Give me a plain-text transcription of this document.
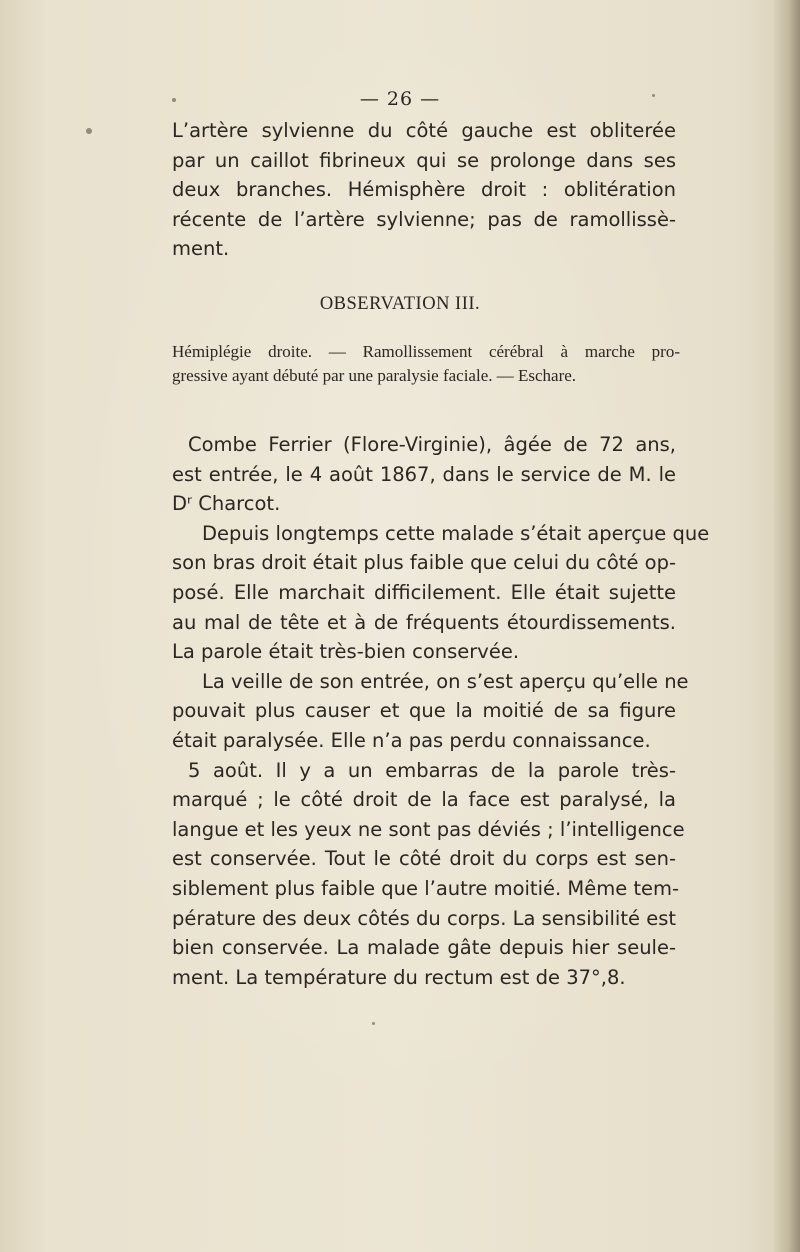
— 26 —
L’artère sylvienne du côté gauche est obliterée
par un caillot fibrineux qui se prolonge dans ses
deux branches. Hémisphère droit : oblitération
récente de l’artère sylvienne; pas de ramollissè-
ment.
OBSERVATION III.
Hémiplégie droite. — Ramollissement cérébral à marche pro-
gressive ayant débuté par une paralysie faciale. — Eschare.
Combe Ferrier (Flore-Virginie), âgée de 72 ans,
est entrée, le 4 août 1867, dans le service de M. le
Dʳ Charcot.
Depuis longtemps cette malade s’était aperçue que
son bras droit était plus faible que celui du côté op-
posé. Elle marchait difficilement. Elle était sujette
au mal de tête et à de fréquents étourdissements.
La parole était très-bien conservée.
La veille de son entrée, on s’est aperçu qu’elle ne
pouvait plus causer et que la moitié de sa figure
était paralysée. Elle n’a pas perdu connaissance.
5 août. Il y a un embarras de la parole très-
marqué ; le côté droit de la face est paralysé, la
langue et les yeux ne sont pas déviés ; l’intelligence
est conservée. Tout le côté droit du corps est sen-
siblement plus faible que l’autre moitié. Même tem-
pérature des deux côtés du corps. La sensibilité est
bien conservée. La malade gâte depuis hier seule-
ment. La température du rectum est de 37°,8.
